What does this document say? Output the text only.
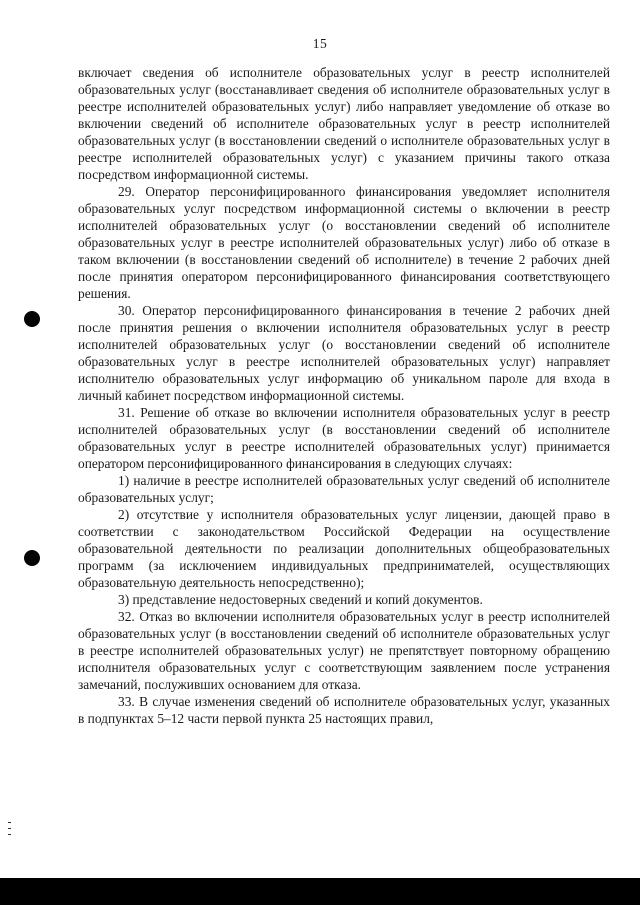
15

включает сведения об исполнителе образовательных услуг в реестр исполнителей образовательных услуг (восстанавливает сведения об исполнителе образовательных услуг в реестре исполнителей образовательных услуг) либо направляет уведомление об отказе во включении сведений об исполнителе образовательных услуг в реестр исполнителей образовательных услуг (в восстановлении сведений о исполнителе образовательных услуг в реестре исполнителей образовательных услуг) с указанием причины такого отказа посредством информационной системы.

29. Оператор персонифицированного финансирования уведомляет исполнителя образовательных услуг посредством информационной системы о включении в реестр исполнителей образовательных услуг (о восстановлении сведений об исполнителе образовательных услуг в реестре исполнителей образовательных услуг) либо об отказе в таком включении (в восстановлении сведений об исполнителе) в течение 2 рабочих дней после принятия оператором персонифицированного финансирования соответствующего решения.

30. Оператор персонифицированного финансирования в течение 2 рабочих дней после принятия решения о включении исполнителя образовательных услуг в реестр исполнителей образовательных услуг (о восстановлении сведений об исполнителе образовательных услуг в реестре исполнителей образовательных услуг) направляет исполнителю образовательных услуг информацию об уникальном пароле для входа в личный кабинет посредством информационной системы.

31. Решение об отказе во включении исполнителя образовательных услуг в реестр исполнителей образовательных услуг (в восстановлении сведений об исполнителе образовательных услуг в реестре исполнителей образовательных услуг) принимается оператором персонифицированного финансирования в следующих случаях:

1) наличие в реестре исполнителей образовательных услуг сведений об исполнителе образовательных услуг;

2) отсутствие у исполнителя образовательных услуг лицензии, дающей право в соответствии с законодательством Российской Федерации на осуществление образовательной деятельности по реализации дополнительных общеобразовательных программ (за исключением индивидуальных предпринимателей, осуществляющих образовательную деятельность непосредственно);

3) представление недостоверных сведений и копий документов.

32. Отказ во включении исполнителя образовательных услуг в реестр исполнителей образовательных услуг (в восстановлении сведений об исполнителе образовательных услуг в реестре исполнителей образовательных услуг) не препятствует повторному обращению исполнителя образовательных услуг с соответствующим заявлением после устранения замечаний, послуживших основанием для отказа.

33. В случае изменения сведений об исполнителе образовательных услуг, указанных в подпунктах 5–12 части первой пункта 25 настоящих правил,
